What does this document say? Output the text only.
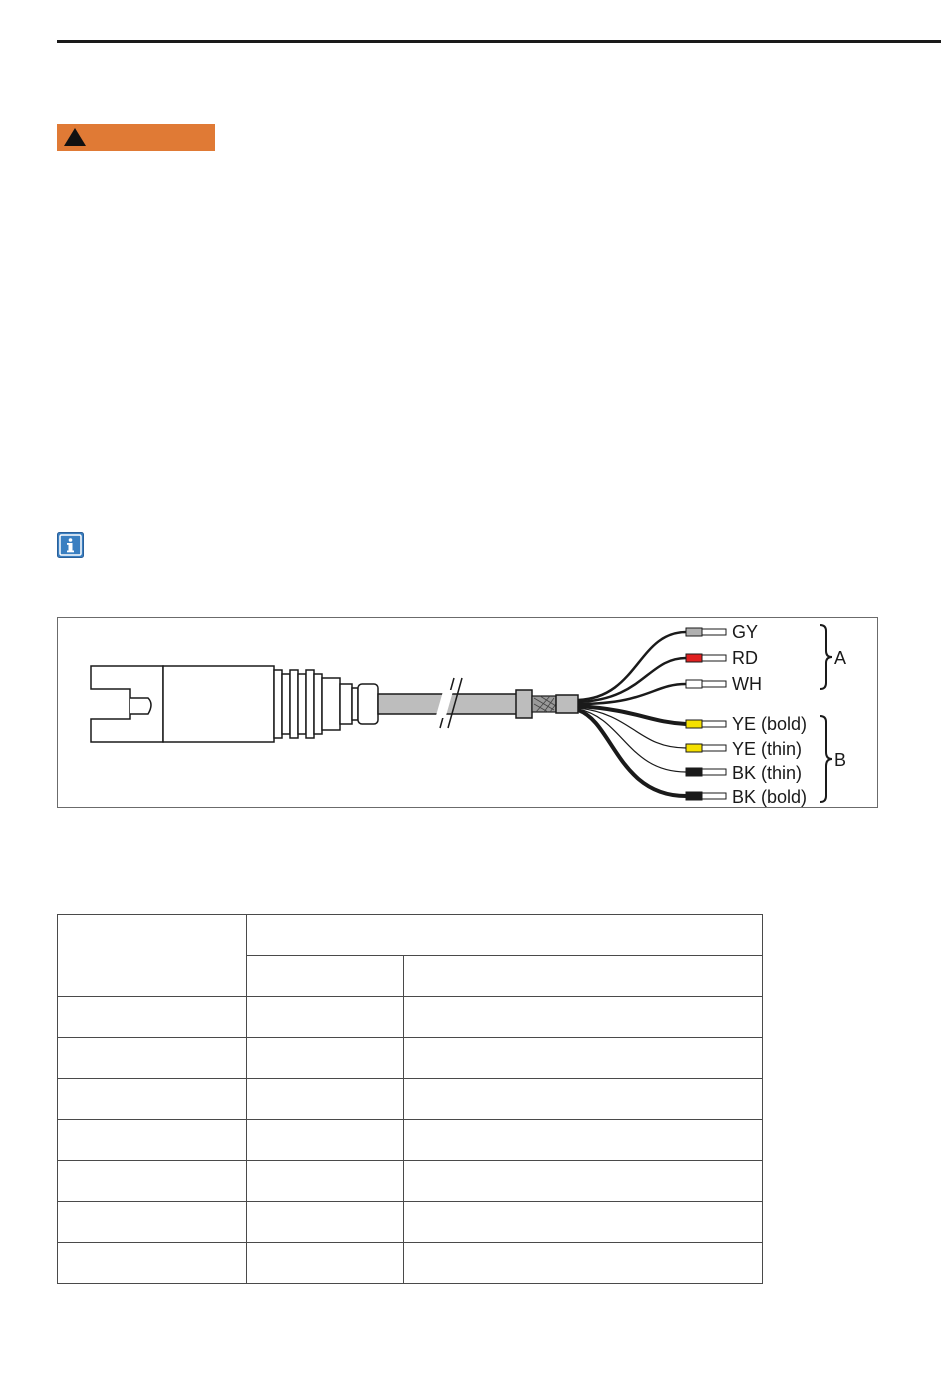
GY
RD
WH
YE (bold)
YE (thin)
BK (thin)
BK (bold)
A
B
